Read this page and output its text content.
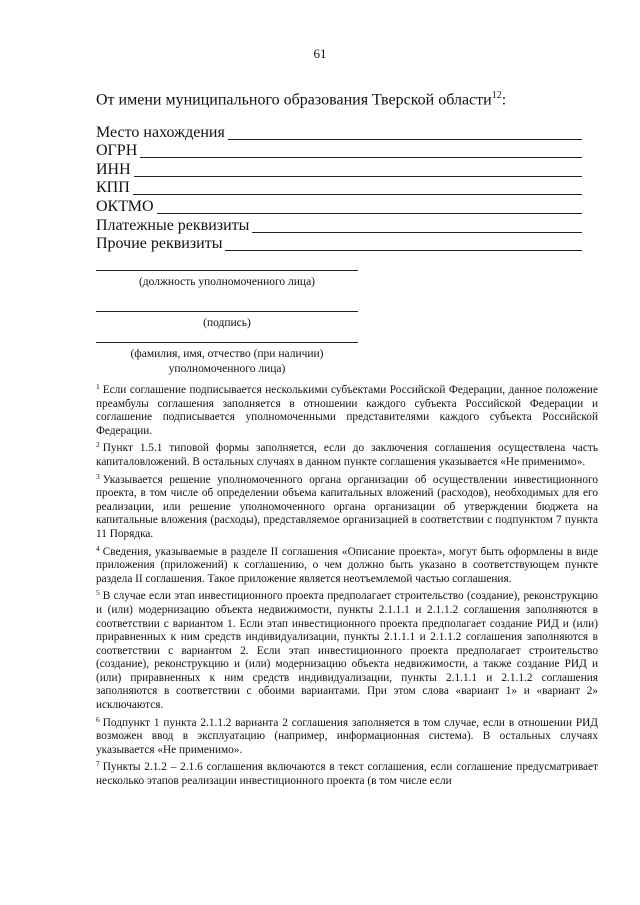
61
От имени муниципального образования Тверской области$^{12}$:
Место нахождения
ОГРН
ИНН
КПП
ОКТМО
Платежные реквизиты
Прочие реквизиты
(должность уполномоченного лица)
(подпись)
(фамилия, имя, отчество (при наличии)
уполномоченного лица)

$^1$ Если соглашение подписывается несколькими субъектами Российской Федерации, данное положение преамбулы соглашения заполняется в отношении каждого субъекта Российской Федерации и соглашение подписывается уполномоченными представителями каждого субъекта Российской Федерации.

$^2$ Пункт 1.5.1 типовой формы заполняется, если до заключения соглашения осуществлена часть капиталовложений. В остальных случаях в данном пункте соглашения указывается «Не применимо».

$^3$ Указывается решение уполномоченного органа организации об осуществлении инвестиционного проекта, в том числе об определении объема капитальных вложений (расходов), необходимых для его реализации, или решение уполномоченного органа организации об утверждении бюджета на капитальные вложения (расходы), представляемое организацией в соответствии с подпунктом 7 пункта 11 Порядка.

$^4$ Сведения, указываемые в разделе II соглашения «Описание проекта», могут быть оформлены в виде приложения (приложений) к соглашению, о чем должно быть указано в соответствующем пункте раздела II соглашения. Такое приложение является неотъемлемой частью соглашения.

$^5$ В случае если этап инвестиционного проекта предполагает строительство (создание), реконструкцию и (или) модернизацию объекта недвижимости, пункты 2.1.1.1 и 2.1.1.2 соглашения заполняются в соответствии с вариантом 1. Если этап инвестиционного проекта предполагает создание РИД и (или) приравненных к ним средств индивидуализации, пункты 2.1.1.1 и 2.1.1.2 соглашения заполняются в соответствии с вариантом 2. Если этап инвестиционного проекта предполагает строительство (создание), реконструкцию и (или) модернизацию объекта недвижимости, а также создание РИД и (или) приравненных к ним средств индивидуализации, пункты 2.1.1.1 и 2.1.1.2 соглашения заполняются в соответствии с обоими вариантами. При этом слова «вариант 1» и «вариант 2» исключаются.

$^6$ Подпункт 1 пункта 2.1.1.2 варианта 2 соглашения заполняется в том случае, если в отношении РИД возможен ввод в эксплуатацию (например, информационная система). В остальных случаях указывается «Не применимо».

$^7$ Пункты 2.1.2 – 2.1.6 соглашения включаются в текст соглашения, если соглашение предусматривает несколько этапов реализации инвестиционного проекта (в том числе если
